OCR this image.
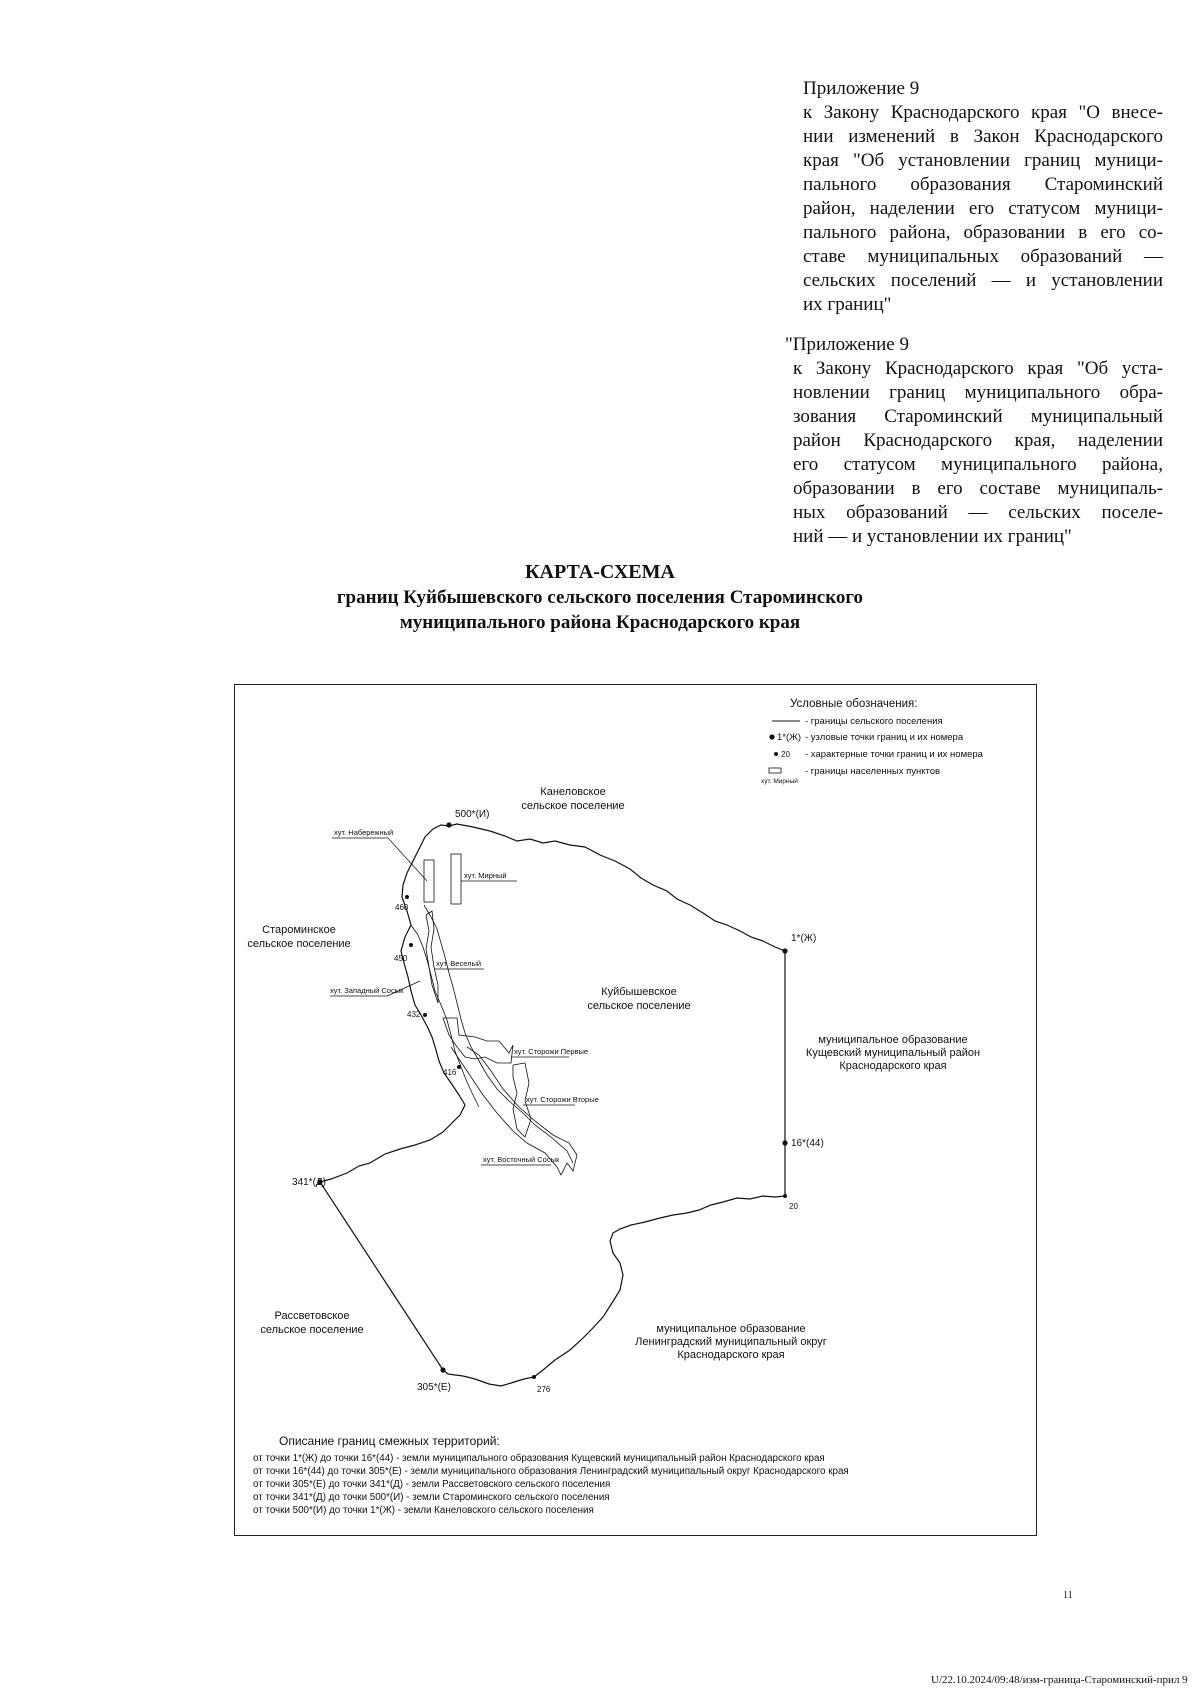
Приложение 9
к Закону Краснодарского края "О внесе-
нии изменений в Закон Краснодарского
края "Об установлении границ муници-
пального образования Староминский
район, наделении его статусом муници-
пального района, образовании в его со-
ставе муниципальных образований —
сельских поселений — и установлении
их границ"
"Приложение 9
к Закону Краснодарского края "Об уста-
новлении границ муниципального обра-
зования Староминский муниципальный
район Краснодарского края, наделении
его статусом муниципального района,
образовании в его составе муниципаль-
ных образований — сельских поселе-
ний — и установлении их границ"
КАРТА-СХЕМА
границ Куйбышевского сельского поселения Староминского
муниципального района Краснодарского края
Условные обозначения:
- границы сельского поселения
1*(Ж) - узловые точки границ и их номера
20 - характерные точки границ и их номера
хут. Мирный
- границы населенных пунктов
хут. Набережный
хут. Мирный
хут. Веселый
хут. Западный Сосык
хут. Сторожи Первые
хут. Сторожи Вторые
хут. Восточный Сосык
500*(И)
460
450
432
416
341*(Д)
305*(Е)	276
20
16*(44)
1*(Ж)
Канеловское
сельское поселение
Староминское
сельское поселение
Куйбышевское
сельское поселение
муниципальное образование
Кущевский муниципальный район
Краснодарского края
Рассветовское
сельское поселение	муниципальное образование
Ленинградский муниципальный округ
Краснодарского края
Описание границ смежных территорий:
от точки 1*(Ж) до точки 16*(44) - земли муниципального образования Кущевский муниципальный район Краснодарского края
от точки 16*(44) до точки 305*(Е) - земли муниципального образования Ленинградский муниципальный округ Краснодарского края
от точки 305*(Е) до точки 341*(Д) - земли Рассветовского сельского поселения
от точки 341*(Д) до точки 500*(И) - земли Староминского сельского поселения
от точки 500*(И) до точки 1*(Ж) - земли Канеловского сельского поселения
11
U/22.10.2024/09:48/изм-граница-Староминский-прил 9
